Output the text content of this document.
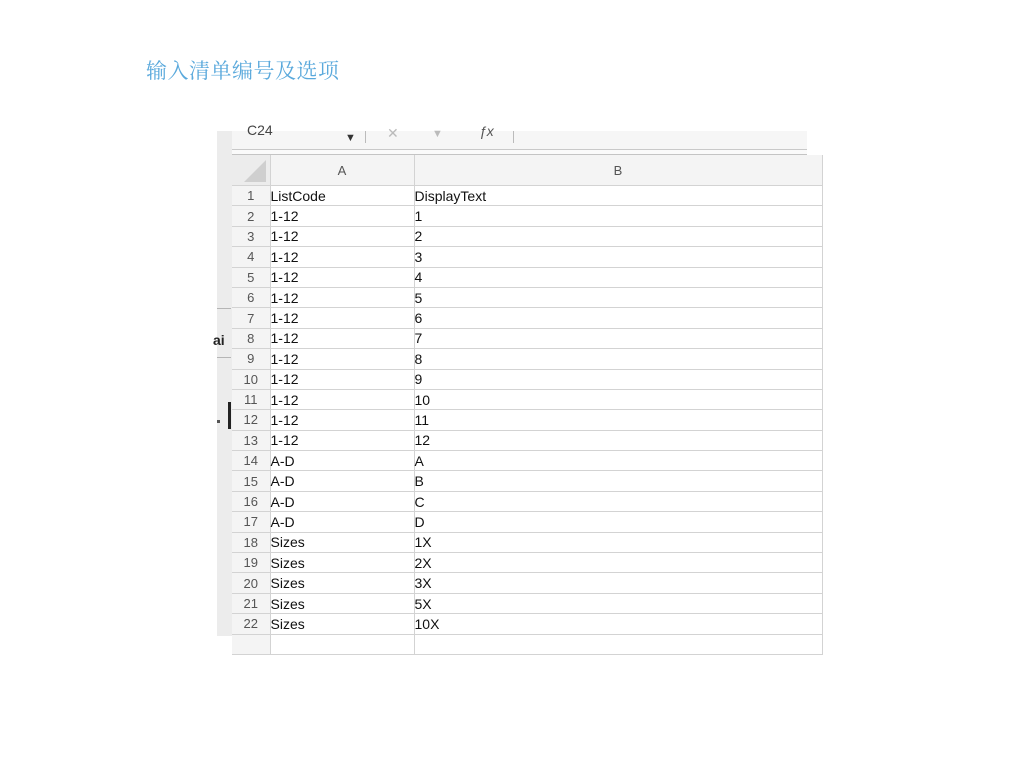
输入清单编号及选项
ai
C24	▼ ✕	▼	ƒx
	A	B
1	ListCode	DisplayText
2	1-12	1
3	1-12	2
4	1-12	3
5	1-12	4
6	1-12	5
7	1-12	6
8	1-12	7
9	1-12	8
10	1-12	9
11	1-12	10
12	1-12	11
13	1-12	12
14	A-D	A
15	A-D	B
16	A-D	C
17	A-D	D
18	Sizes	1X
19	Sizes	2X
20	Sizes	3X
21	Sizes	5X
22	Sizes	10X
